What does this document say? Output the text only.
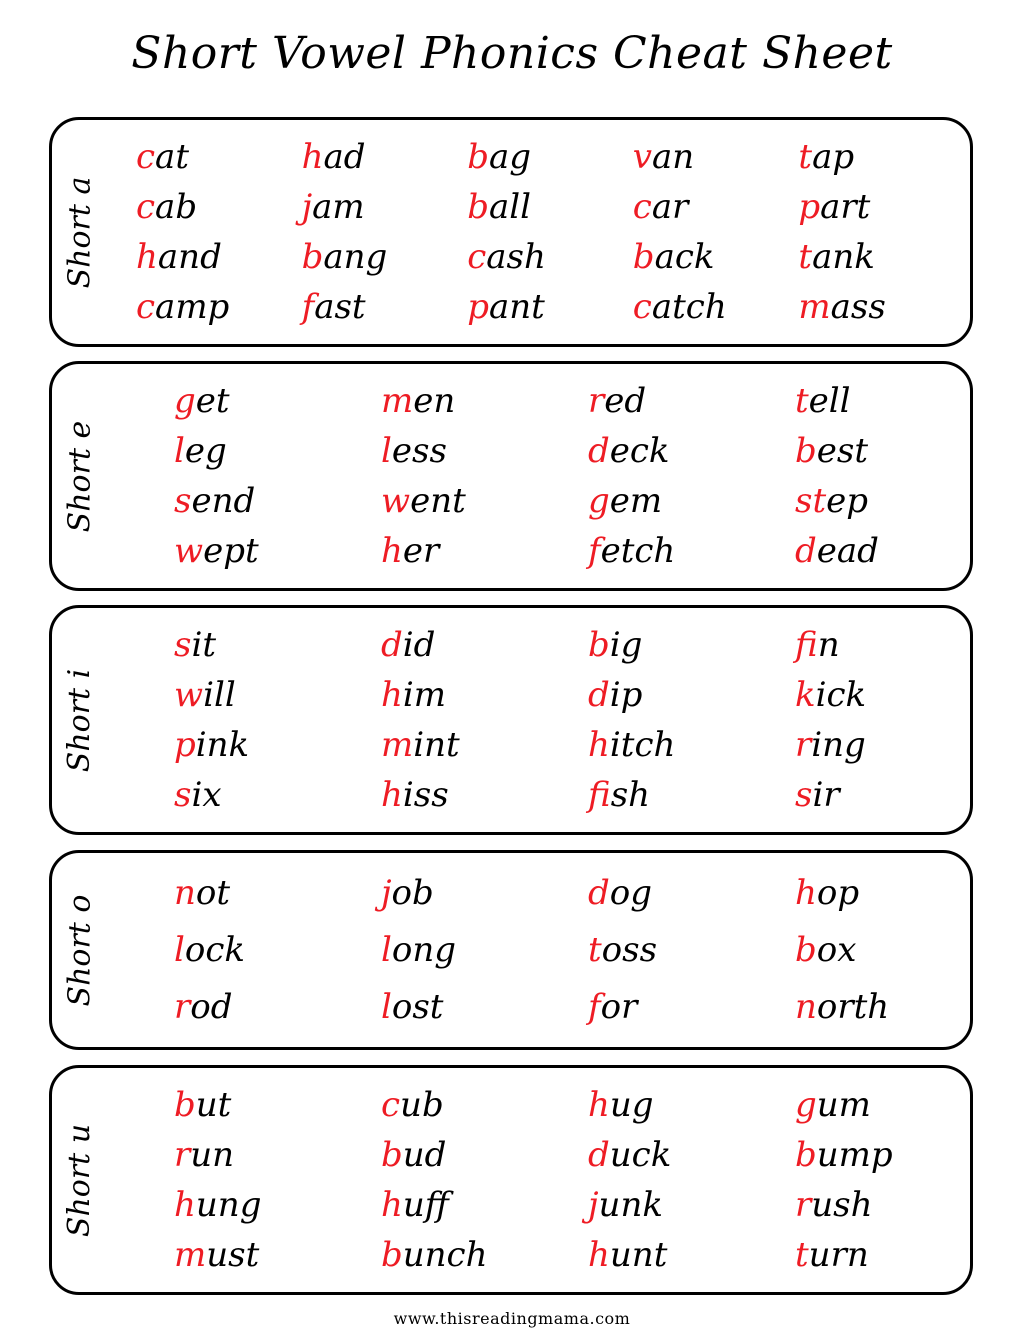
Short Vowel Phonics Cheat Sheet
Short a
cat	had	bag	van	tap
cab	jam	ball	car	part
hand	bang	cash	back	tank
camp	fast	pant	catch	mass
Short e
get	men	red	tell
leg	less	deck	best
send	went	gem	step
wept	her	fetch	dead
Short i
sit	did	big	fin
will	him	dip	kick
pink	mint	hitch	ring
six	hiss	fish	sir
Short o
not	job	dog	hop
lock	long	toss	box
rod	lost	for	north
Short u
but	cub	hug	gum
run	bud	duck	bump
hung	huff	junk	rush
must	bunch	hunt	turn
www.thisreadingmama.com
